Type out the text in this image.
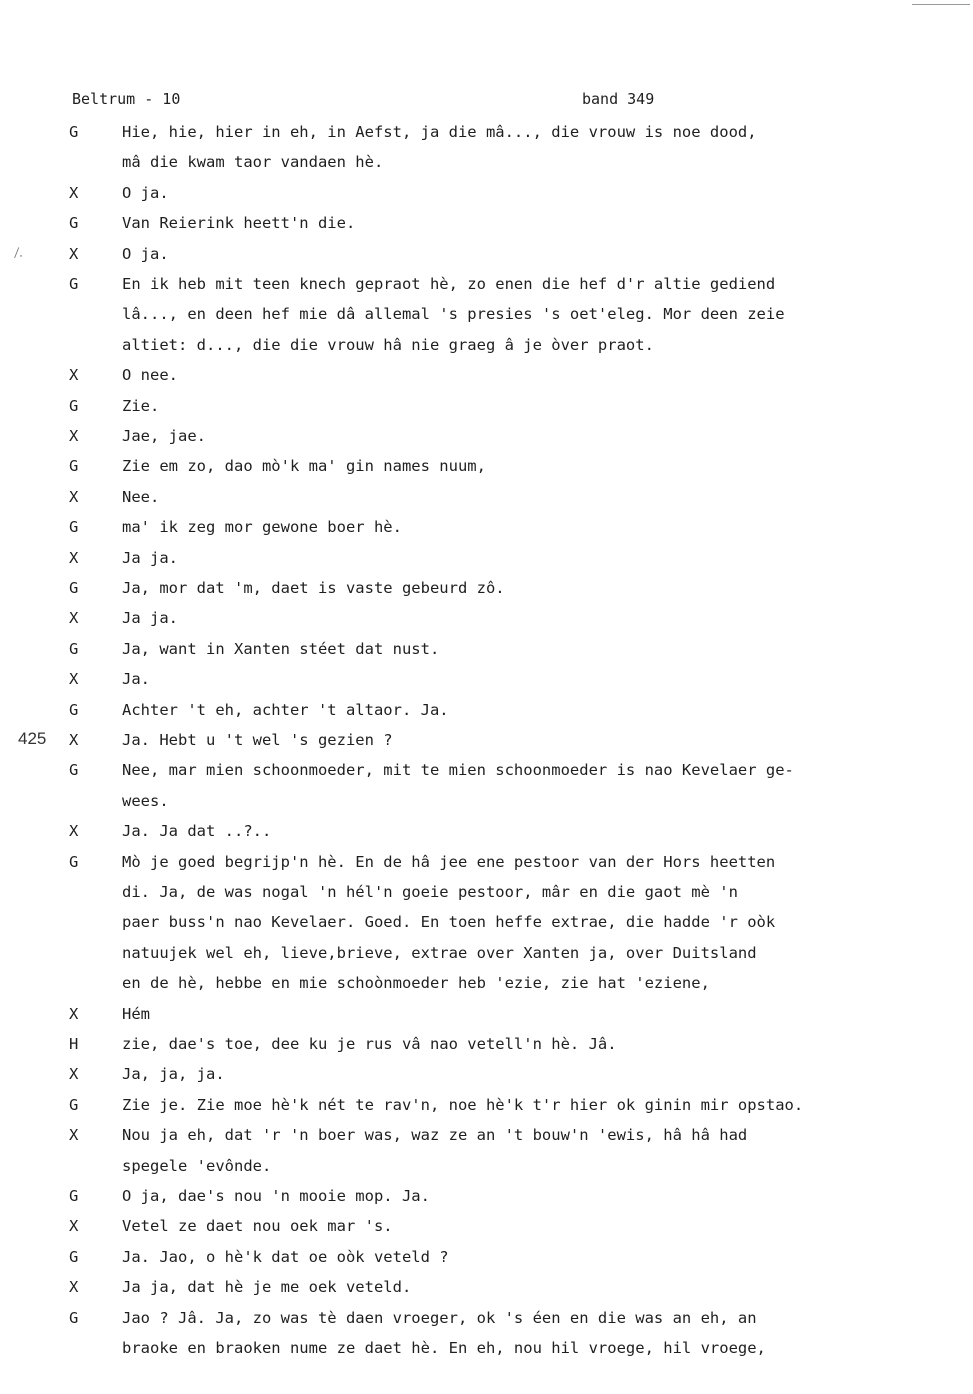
Beltrum - 10	band 349
⁄.
425
G	Hie, hie, hier in eh, in Aefst, ja die mâ..., die vrouw is noe dood,
mâ die kwam taor vandaen hè.
X	O ja.
G	Van Reierink heett'n die.
X	O ja.
G	En ik heb mit teen knech gepraot hè, zo enen die hef d'r altie gediend
lâ..., en deen hef mie dâ allemal 's presies 's oet'eleg. Mor deen zeie
altiet: d..., die die vrouw hâ nie graeg â je òver praot.
X	O nee.
G	Zie.
X	Jae, jae.
G	Zie em zo, dao mò'k ma' gin names nuum,
X	Nee.
G	ma' ik zeg mor gewone boer hè.
X	Ja ja.
G	Ja, mor dat 'm, daet is vaste gebeurd zô.
X	Ja ja.
G	Ja, want in Xanten stéet dat nust.
X	Ja.
G	Achter 't eh, achter 't altaor. Ja.
X	Ja. Hebt u 't wel 's gezien ?
G	Nee, mar mien schoonmoeder, mit te mien schoonmoeder is nao Kevelaer ge-
wees.
X	Ja. Ja dat ..?..
G	Mò je goed begrijp'n hè. En de hâ jee ene pestoor van der Hors heetten
di. Ja, de was nogal 'n hél'n goeie pestoor, mâr en die gaot mè 'n
paer buss'n nao Kevelaer. Goed. En toen heffe extrae, die hadde 'r oòk
natuujek wel eh, lieve,brieve, extrae over Xanten ja, over Duitsland
en de hè, hebbe en mie schoònmoeder heb 'ezie, zie hat 'eziene,
X	Hém
H	zie, dae's toe, dee ku je rus vâ nao vetell'n hè. Jâ.
X	Ja, ja, ja.
G	Zie je. Zie moe hè'k nét te rav'n, noe hè'k t'r hier ok ginin mir opstao.
X	Nou ja eh, dat 'r 'n boer was, waz ze an 't bouw'n 'ewis, hâ hâ had
spegele 'evônde.
G	O ja, dae's nou 'n mooie mop. Ja.
X	Vetel ze daet nou oek mar 's.
G	Ja. Jao, o hè'k dat oe oòk veteld ?
X	Ja ja, dat hè je me oek veteld.
G	Jao ? Jâ. Ja, zo was tè daen vroeger, ok 's éen en die was an eh, an
braoke en braoken nume ze daet hè. En eh, nou hil vroege, hil vroege,
